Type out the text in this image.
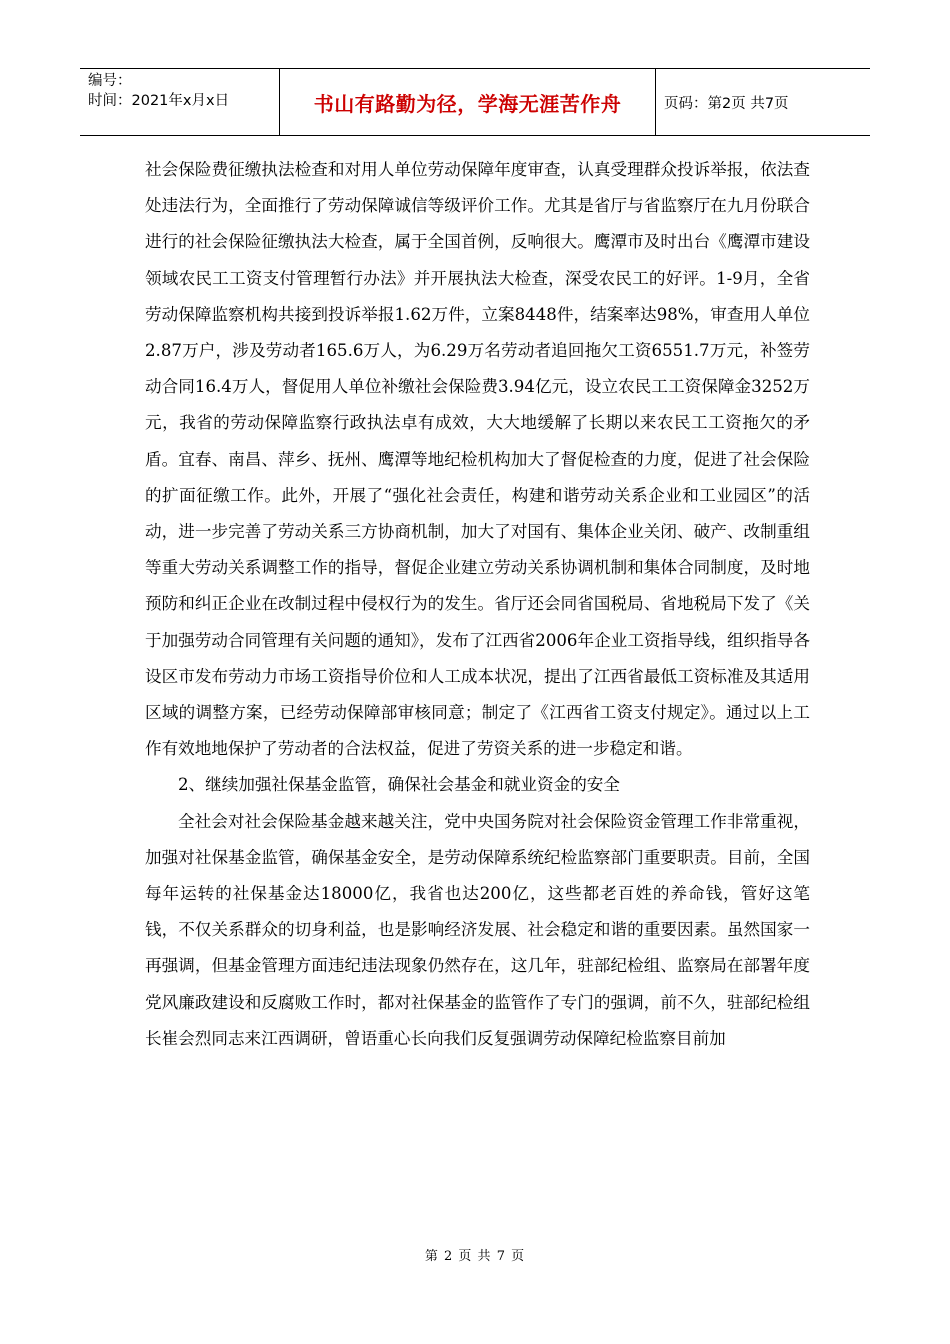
编号：
时间：2021年x月x日	书山有路勤为径，学海无涯苦作舟	页码：第2页 共7页

社会保险费征缴执法检查和对用人单位劳动保障年度审查，认真受理群众投诉举报，依法查处违法行为，全面推行了劳动保障诚信等级评价工作。尤其是省厅与省监察厅在九月份联合进行的社会保险征缴执法大检查，属于全国首例，反响很大。鹰潭市及时出台《鹰潭市建设领域农民工工资支付管理暂行办法》并开展执法大检查，深受农民工的好评。1-9月，全省劳动保障监察机构共接到投诉举报1.62万件，立案8448件，结案率达98%，审查用人单位2.87万户，涉及劳动者165.6万人，为6.29万名劳动者追回拖欠工资6551.7万元，补签劳动合同16.4万人，督促用人单位补缴社会保险费3.94亿元，设立农民工工资保障金3252万元，我省的劳动保障监察行政执法卓有成效，大大地缓解了长期以来农民工工资拖欠的矛盾。宜春、南昌、萍乡、抚州、鹰潭等地纪检机构加大了督促检查的力度，促进了社会保险的扩面征缴工作。此外，开展了“强化社会责任，构建和谐劳动关系企业和工业园区”的活动，进一步完善了劳动关系三方协商机制，加大了对国有、集体企业关闭、破产、改制重组等重大劳动关系调整工作的指导，督促企业建立劳动关系协调机制和集体合同制度，及时地预防和纠正企业在改制过程中侵权行为的发生。省厅还会同省国税局、省地税局下发了《关于加强劳动合同管理有关问题的通知》，发布了江西省2006年企业工资指导线，组织指导各设区市发布劳动力市场工资指导价位和人工成本状况，提出了江西省最低工资标准及其适用区域的调整方案，已经劳动保障部审核同意；制定了《江西省工资支付规定》。通过以上工作有效地地保护了劳动者的合法权益，促进了劳资关系的进一步稳定和谐。

2、继续加强社保基金监管，确保社会基金和就业资金的安全

全社会对社会保险基金越来越关注，党中央国务院对社会保险资金管理工作非常重视，加强对社保基金监管，确保基金安全，是劳动保障系统纪检监察部门重要职责。目前，全国每年运转的社保基金达18000亿，我省也达200亿，这些都老百姓的养命钱，管好这笔钱，不仅关系群众的切身利益，也是影响经济发展、社会稳定和谐的重要因素。虽然国家一再强调，但基金管理方面违纪违法现象仍然存在，这几年，驻部纪检组、监察局在部署年度党风廉政建设和反腐败工作时，都对社保基金的监管作了专门的强调，前不久，驻部纪检组长崔会烈同志来江西调研，曾语重心长向我们反复强调劳动保障纪检监察目前加

第 2 页 共 7 页
